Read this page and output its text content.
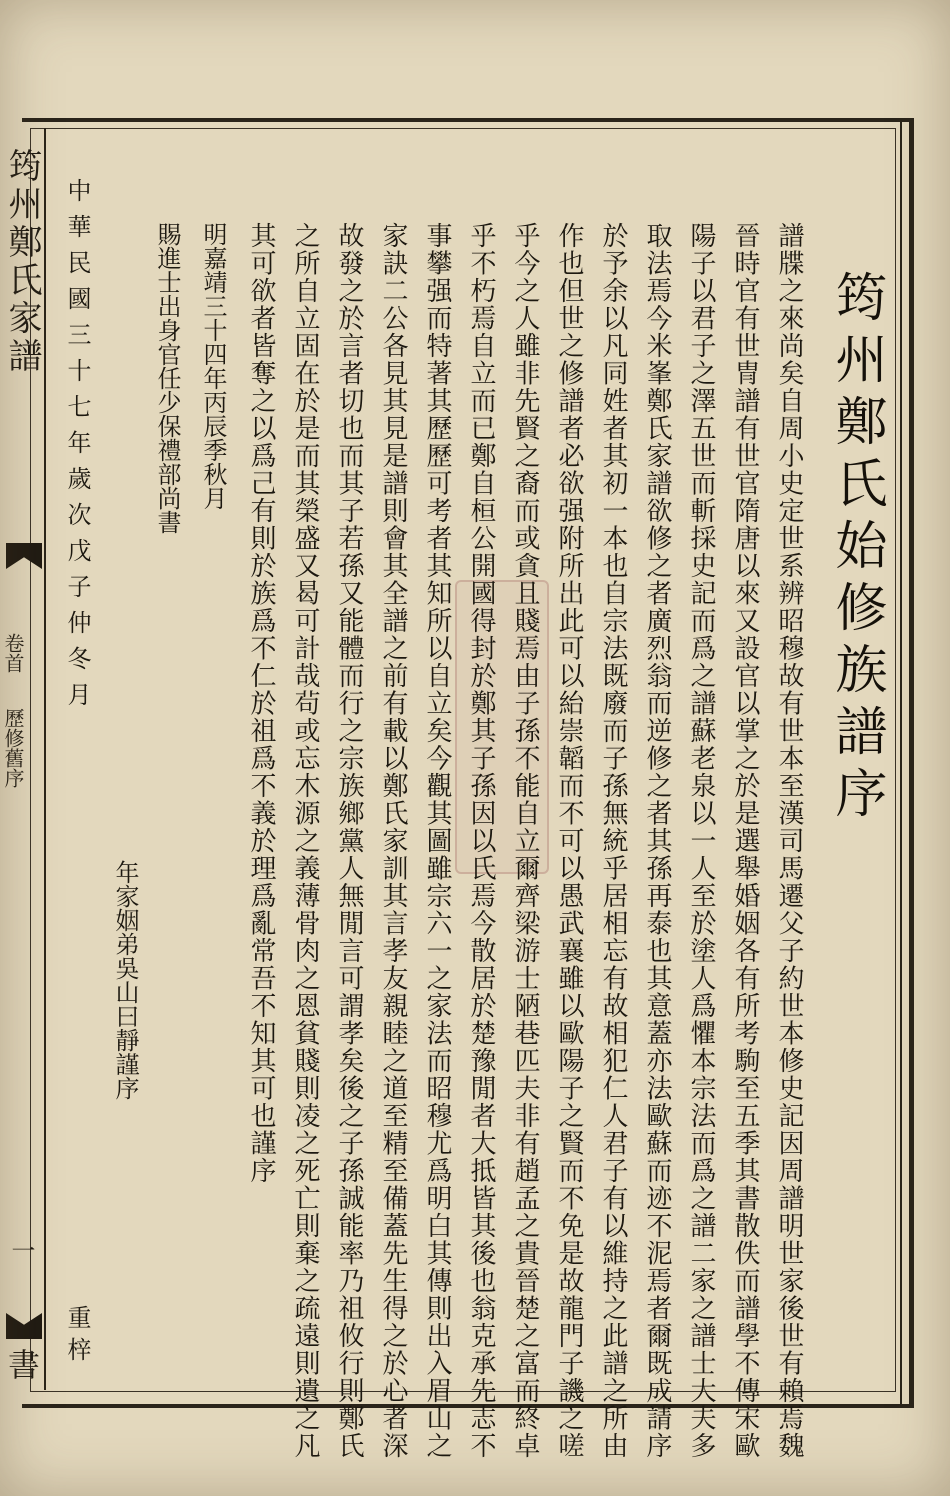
筠州鄭氏家譜
卷首
歷修舊序
一
書
筠州鄭氏始修族譜序
譜牒之來尚矣自周小史定世系辨昭穆故有世本至漢司馬遷父子約世本修史記因周譜明世家後世有賴焉魏
晉時官有世冑譜有世官隋唐以來又設官以掌之於是選舉婚姻各有所考駒至五季其書散佚而譜學不傳宋歐
陽子以君子之澤五世而斬採史記而爲之譜蘇老泉以一人至於塗人爲懼本宗法而爲之譜二家之譜士大夫多
取法焉今米峯鄭氏家譜欲修之者廣烈翁而逆修之者其孫再泰也其意蓋亦法歐蘇而迹不泥焉者爾既成請序
於予余以凡同姓者其初一本也自宗法既廢而子孫無統乎居相忘有故相犯仁人君子有以維持之此譜之所由
作也但世之修譜者必欲强附所出此可以紿崇韜而不可以愚武襄雖以歐陽子之賢而不免是故龍門子譏之嗟
乎今之人雖非先賢之裔而或貪且賤焉由子孫不能自立爾齊梁游士陋巷匹夫非有趙孟之貴晉楚之富而終卓
乎不朽焉自立而已鄭自桓公開國得封於鄭其子孫因以氏焉今散居於楚豫閒者大抵皆其後也翁克承先志不
事攀强而特著其歷歷可考者其知所以自立矣今觀其圖雖宗六一之家法而昭穆尤爲明白其傳則出入眉山之
家訣二公各見其見是譜則會其全譜之前有載以鄭氏家訓其言孝友親睦之道至精至備蓋先生得之於心者深
故發之於言者切也而其子若孫又能體而行之宗族鄉黨人無閒言可謂孝矣後之子孫誠能率乃祖攸行則鄭氏
之所自立固在於是而其榮盛又曷可計哉茍或忘木源之義薄骨肉之恩貧賤則凌之死亡則棄之疏遠則遺之凡
其可欲者皆奪之以爲己有則於族爲不仁於祖爲不義於理爲亂常吾不知其可也謹序
明嘉靖三十四年丙辰季秋月
賜進士出身官任少保禮部尚書
年家姻弟吳山曰靜謹序
中華民國三十七年歲次戊子仲冬月
重梓
